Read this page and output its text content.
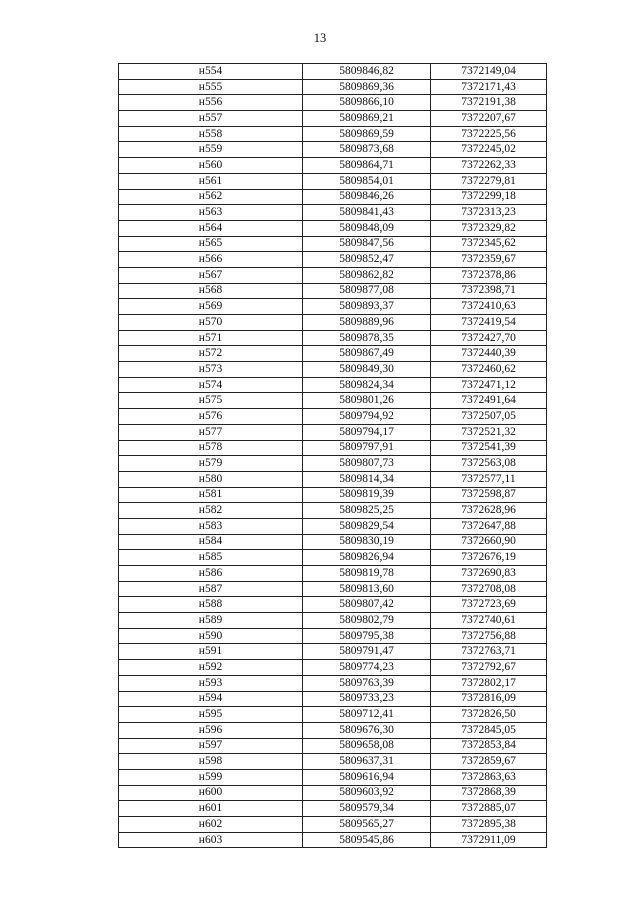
13
н554	5809846,82	7372149,04
н555	5809869,36	7372171,43
н556	5809866,10	7372191,38
н557	5809869,21	7372207,67
н558	5809869,59	7372225,56
н559	5809873,68	7372245,02
н560	5809864,71	7372262,33
н561	5809854,01	7372279,81
н562	5809846,26	7372299,18
н563	5809841,43	7372313,23
н564	5809848,09	7372329,82
н565	5809847,56	7372345,62
н566	5809852,47	7372359,67
н567	5809862,82	7372378,86
н568	5809877,08	7372398,71
н569	5809893,37	7372410,63
н570	5809889,96	7372419,54
н571	5809878,35	7372427,70
н572	5809867,49	7372440,39
н573	5809849,30	7372460,62
н574	5809824,34	7372471,12
н575	5809801,26	7372491,64
н576	5809794,92	7372507,05
н577	5809794,17	7372521,32
н578	5809797,91	7372541,39
н579	5809807,73	7372563,08
н580	5809814,34	7372577,11
н581	5809819,39	7372598,87
н582	5809825,25	7372628,96
н583	5809829,54	7372647,88
н584	5809830,19	7372660,90
н585	5809826,94	7372676,19
н586	5809819,78	7372690,83
н587	5809813,60	7372708,08
н588	5809807,42	7372723,69
н589	5809802,79	7372740,61
н590	5809795,38	7372756,88
н591	5809791,47	7372763,71
н592	5809774,23	7372792,67
н593	5809763,39	7372802,17
н594	5809733,23	7372816,09
н595	5809712,41	7372826,50
н596	5809676,30	7372845,05
н597	5809658,08	7372853,84
н598	5809637,31	7372859,67
н599	5809616,94	7372863,63
н600	5809603,92	7372868,39
н601	5809579,34	7372885,07
н602	5809565,27	7372895,38
н603	5809545,86	7372911,09
